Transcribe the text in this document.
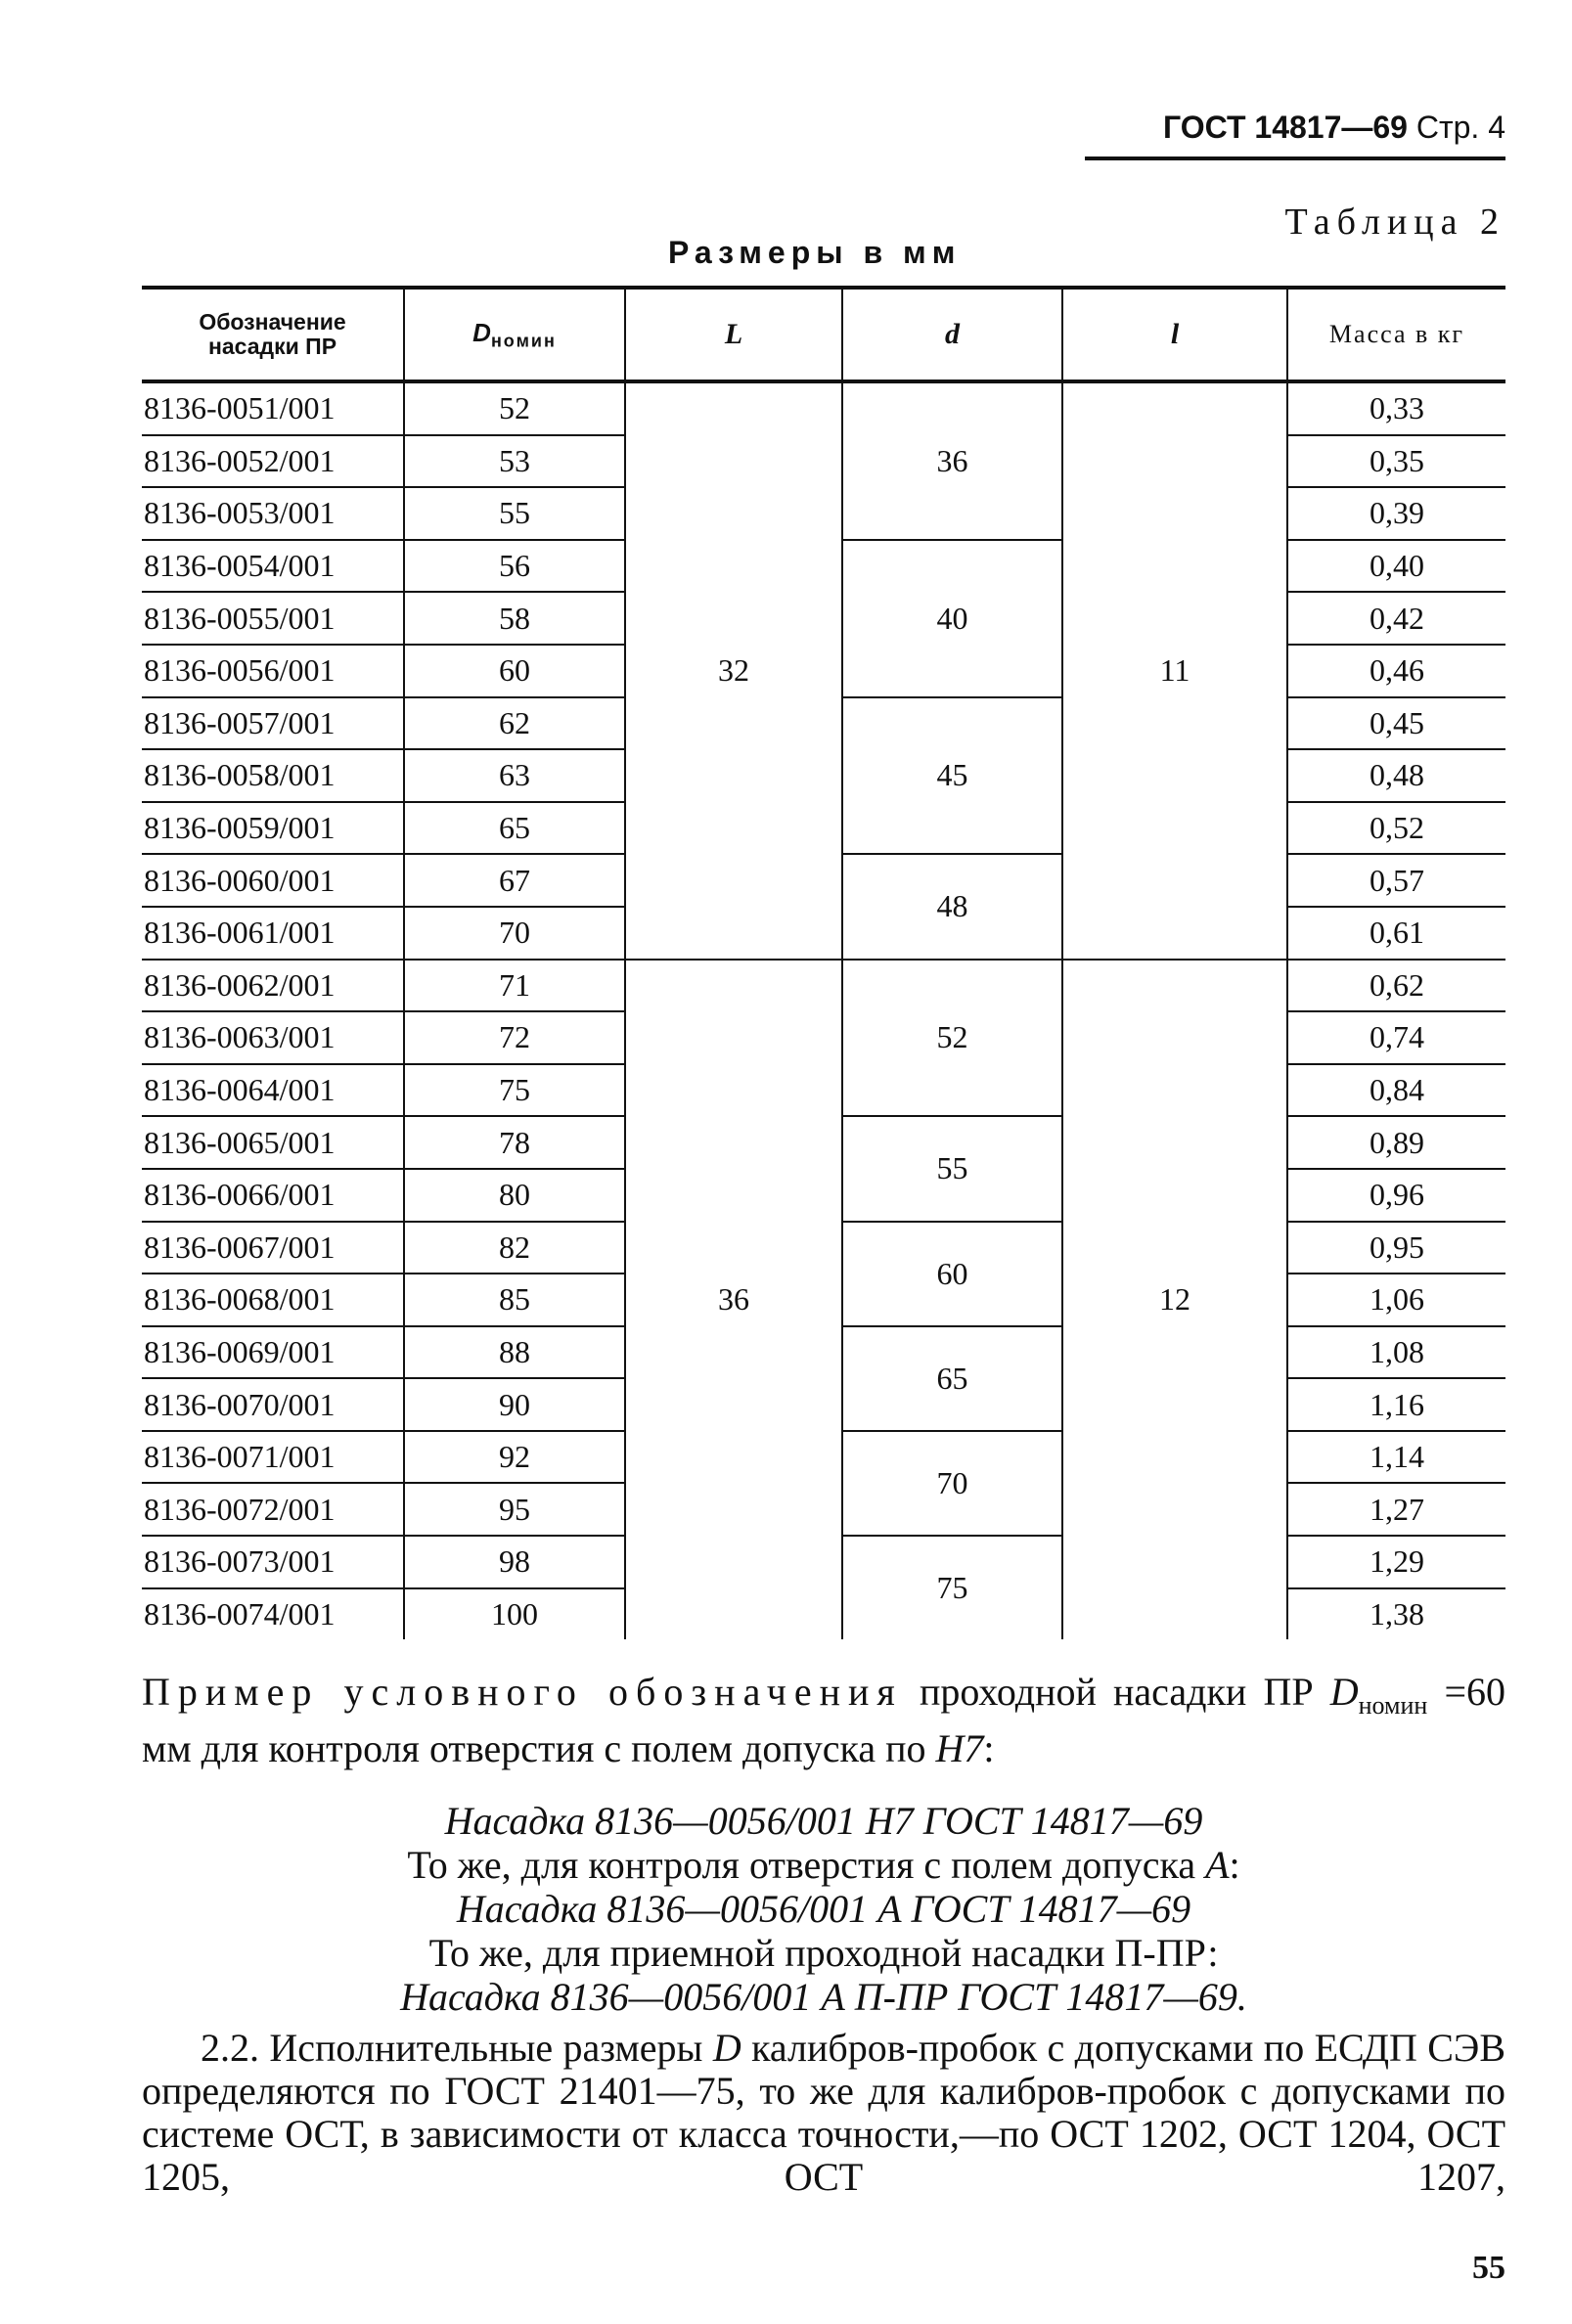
ГОСТ 14817—69 Стр. 4
Таблица 2
Размеры в мм
Обозначение
насадки ПР	$D_{номин}$	L	d	l	Масса в кг
8136-0051/001	52	32	36	11	0,33
8136-0052/001	53				0,35
8136-0053/001	55				0,39
8136-0054/001	56		40		0,40
8136-0055/001	58				0,42
8136-0056/001	60				0,46
8136-0057/001	62		45		0,45
8136-0058/001	63				0,48
8136-0059/001	65				0,52
8136-0060/001	67		48		0,57
8136-0061/001	70				0,61
8136-0062/001	71	36	52	12	0,62
8136-0063/001	72				0,74
8136-0064/001	75				0,84
8136-0065/001	78		55		0,89
8136-0066/001	80				0,96
8136-0067/001	82		60		0,95
8136-0068/001	85				1,06
8136-0069/001	88		65		1,08
8136-0070/001	90				1,16
8136-0071/001	92		70		1,14
8136-0072/001	95				1,27
8136-0073/001	98		75		1,29
8136-0074/001	100				1,38
Пример условного обозначения проходной насадки ПР $D_{номин} =60$ мм для контроля отверстия с полем допуска по Н7:
Насадка 8136—0056/001 Н7 ГОСТ 14817—69
То же, для контроля отверстия с полем допуска А:
Насадка 8136—0056/001 А ГОСТ 14817—69
То же, для приемной проходной насадки П-ПР:
Насадка 8136—0056/001 А П-ПР ГОСТ 14817—69.
2.2. Исполнительные размеры D калибров-пробок с допусками по ЕСДП СЭВ определяются по ГОСТ 21401—75, то же для калибров-пробок с допусками по системе ОСТ, в зависимости от класса точности,—по ОСТ 1202, ОСТ 1204, ОСТ 1205, ОСТ 1207,
55
